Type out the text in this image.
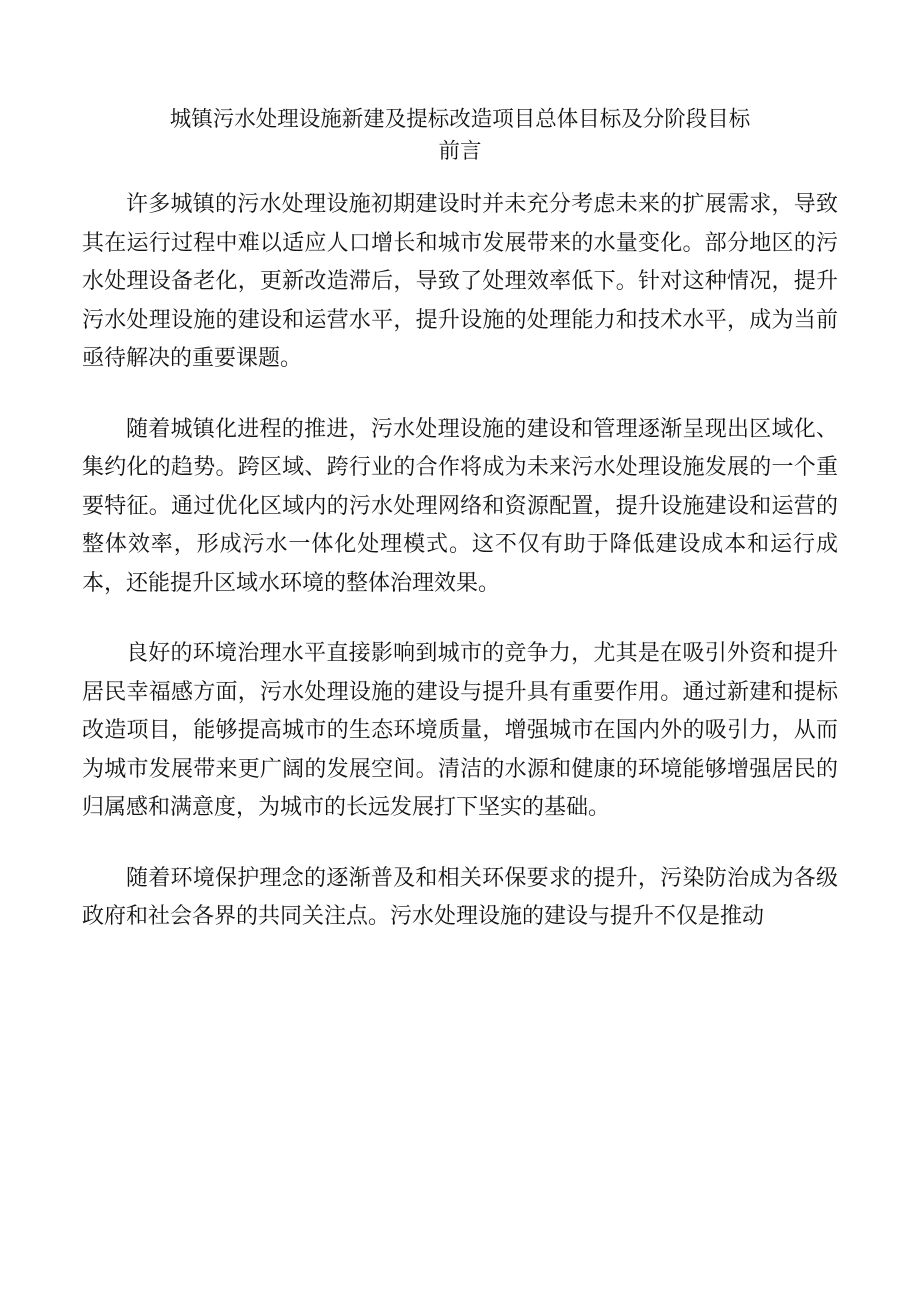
城镇污水处理设施新建及提标改造项目总体目标及分阶段目标
前言

许多城镇的污水处理设施初期建设时并未充分考虑未来的扩展需求，导致其在运行过程中难以适应人口增长和城市发展带来的水量变化。部分地区的污水处理设备老化，更新改造滞后，导致了处理效率低下。针对这种情况，提升污水处理设施的建设和运营水平，提升设施的处理能力和技术水平，成为当前亟待解决的重要课题。

随着城镇化进程的推进，污水处理设施的建设和管理逐渐呈现出区域化、集约化的趋势。跨区域、跨行业的合作将成为未来污水处理设施发展的一个重要特征。通过优化区域内的污水处理网络和资源配置，提升设施建设和运营的整体效率，形成污水一体化处理模式。这不仅有助于降低建设成本和运行成本，还能提升区域水环境的整体治理效果。

良好的环境治理水平直接影响到城市的竞争力，尤其是在吸引外资和提升居民幸福感方面，污水处理设施的建设与提升具有重要作用。通过新建和提标改造项目，能够提高城市的生态环境质量，增强城市在国内外的吸引力，从而为城市发展带来更广阔的发展空间。清洁的水源和健康的环境能够增强居民的归属感和满意度，为城市的长远发展打下坚实的基础。

随着环境保护理念的逐渐普及和相关环保要求的提升，污染防治成为各级政府和社会各界的共同关注点。污水处理设施的建设与提升不仅是推动
